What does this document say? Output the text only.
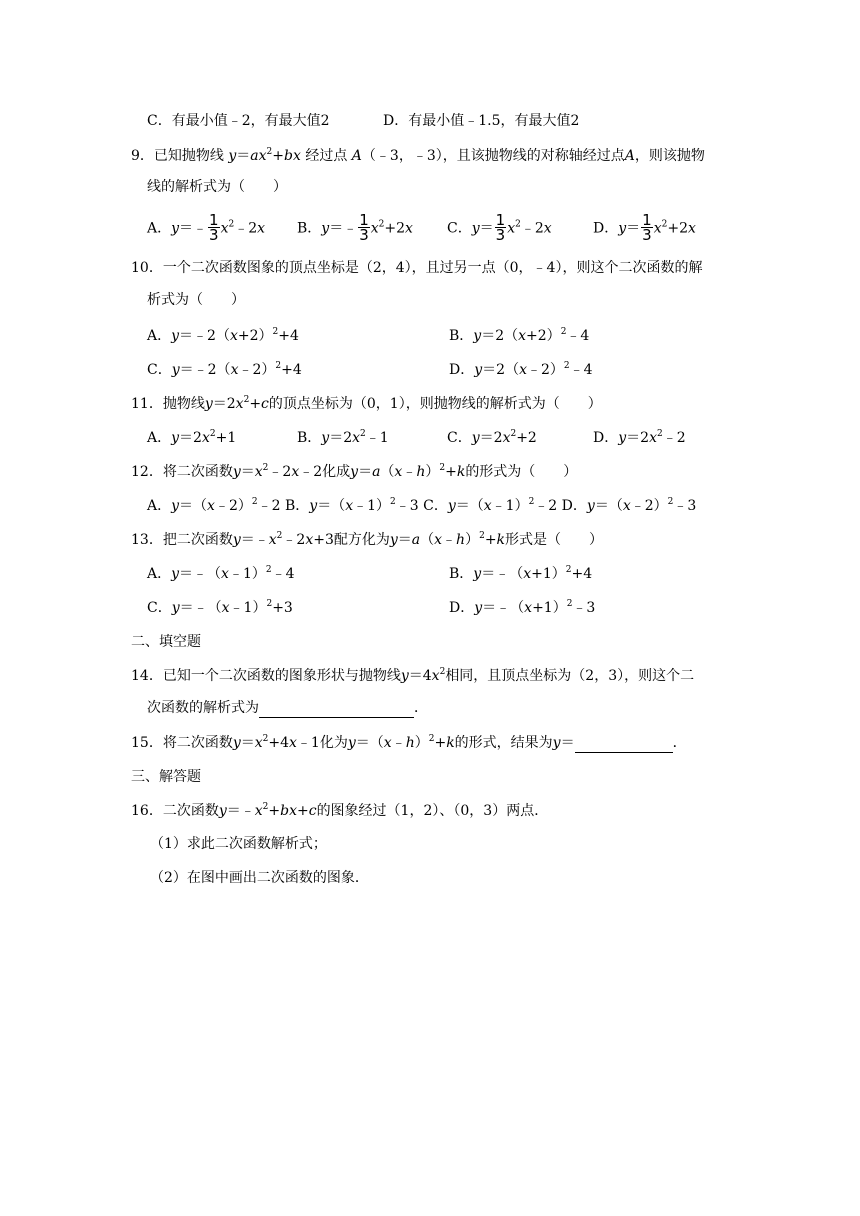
C．有最小值﹣2，有最大值2	D．有最小值﹣1.5，有最大值2
9．已知抛物线 $y=ax^2+bx$ 经过点 A（﹣3，﹣3），且该抛物线的对称轴经过点A，则该抛物
线的解析式为（　　）
A．y＝﹣ $\frac{1}{3}$ $x^2﹣2x$ B．y＝﹣ $\frac{1}{3} x^2+2x$ C．$y= \frac{1}{3}$ $x^2﹣2x$	D．$y= \frac{1}{3} x^2+2x$
10．一个二次函数图象的顶点坐标是（2，4），且过另一点（0，﹣4），则这个二次函数的解
析式为（　　）
A．$y=﹣2(x+2)^2+4$	B．$y=2(x+2)^2﹣4$
C．y＝﹣2（x﹣2）$^2$+4	D．y＝2（x﹣2）$^2$﹣4
11．抛物线$y=2x^2+c$的顶点坐标为（0，1），则抛物线的解析式为（　　）
A．$y=2x^2+1$	B．$y=2x^2﹣1$	C．$y=2x^2+2$	D．$y=2x^2﹣2$
12．将二次函数$y=x^2﹣2x﹣2$化成y＝a（x﹣h）$^2$+k的形式为（　　）
A．y＝（x﹣2）$^2$﹣2 B．y＝（x﹣1）$^2$﹣3 C．y＝（x﹣1）$^2$﹣2 D．y＝（x﹣2）$^2$﹣3
13．把二次函数$y=﹣x^2﹣2x+3$配方化为y＝a（x﹣h）$^2$+k形式是（　　）
A．y＝﹣（x﹣1）$^2$﹣4	B．$y=﹣(x+1)^2+4$
C．y＝﹣（x﹣1）$^2$+3	D．$y=﹣(x+1)^2﹣3$
二、填空题
14．已知一个二次函数的图象形状与抛物线$y=4x^2$相同，且顶点坐标为（2，3），则这个二
次函数的解析式为	．
15．将二次函数$y=x^2+4x﹣1$化为y＝（x﹣h）$^2$+k的形式，结果为y＝	．
三、解答题
16．二次函数$y=﹣x^2+bx+c$的图象经过（1，2）、（0，3）两点．
（1）求此二次函数解析式；
（2）在图中画出二次函数的图象．
